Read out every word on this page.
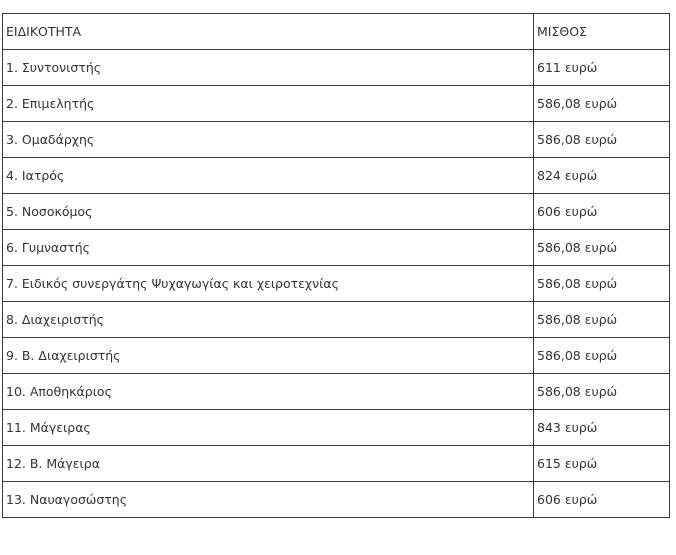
ΕΙΔΙΚΟΤΗΤΑ	ΜΙΣΘΟΣ
1. Συντονιστής	611 ευρώ
2. Επιμελητής	586,08 ευρώ
3. Ομαδάρχης	586,08 ευρώ
4. Ιατρός	824 ευρώ
5. Νοσοκόμος	606 ευρώ
6. Γυμναστής	586,08 ευρώ
7. Ειδικός συνεργάτης Ψυχαγωγίας και χειροτεχνίας	586,08 ευρώ
8. Διαχειριστής	586,08 ευρώ
9. Β. Διαχειριστής	586,08 ευρώ
10. Αποθηκάριος	586,08 ευρώ
11. Μάγειρας	843 ευρώ
12. Β. Μάγειρα	615 ευρώ
13. Ναυαγοσώστης	606 ευρώ
